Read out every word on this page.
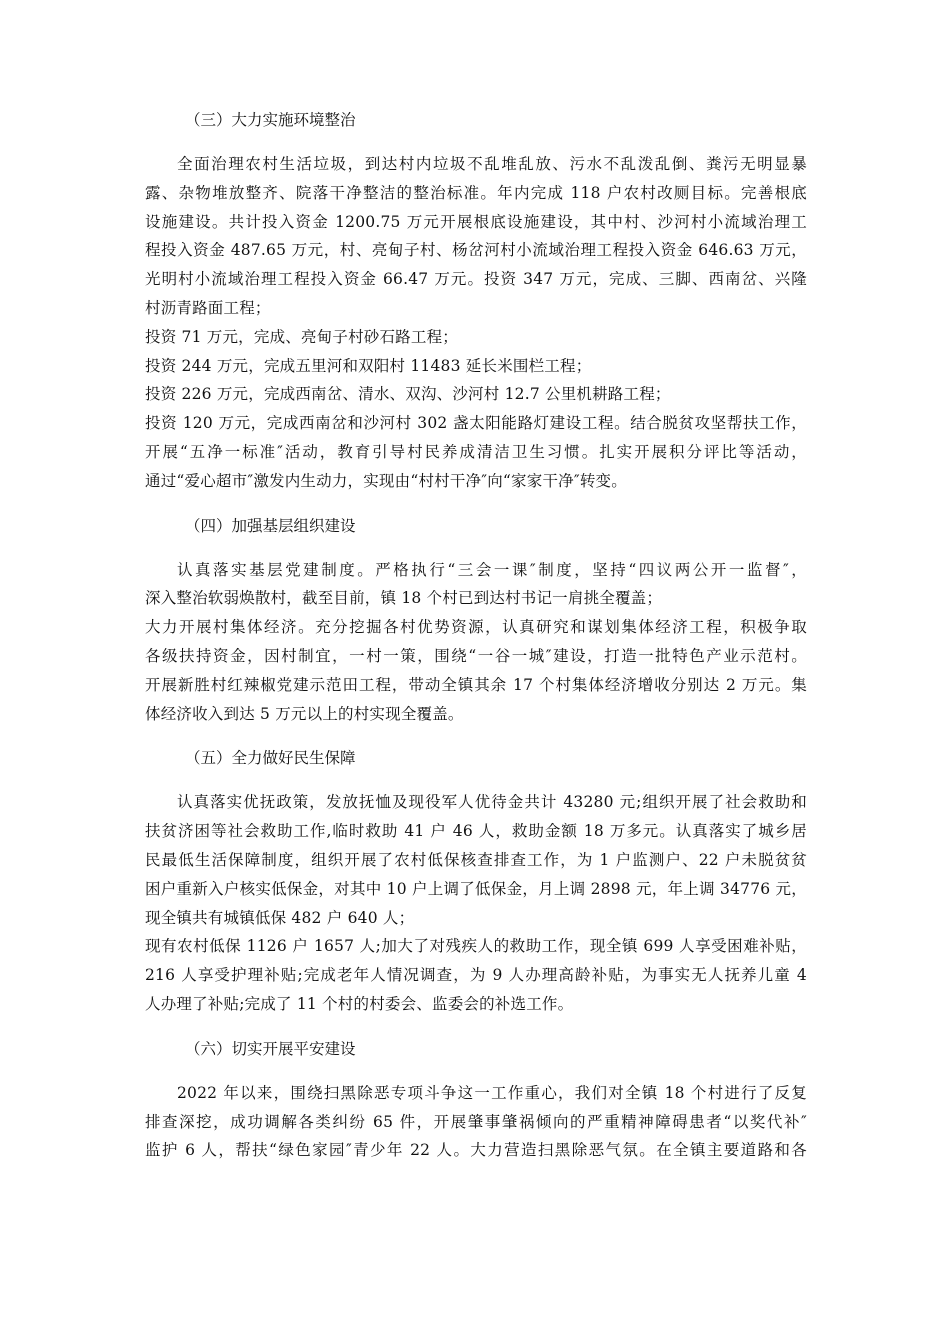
（三）大力实施环境整治

全面治理农村生活垃圾，到达村内垃圾不乱堆乱放、污水不乱泼乱倒、粪污无明显暴

露、杂物堆放整齐、院落干净整洁的整治标准。年内完成 118 户农村改厕目标。完善根底

设施建设。共计投入资金 1200.75 万元开展根底设施建设，其中村、沙河村小流域治理工

程投入资金 487.65 万元，村、亮甸子村、杨岔河村小流域治理工程投入资金 646.63 万元，

光明村小流域治理工程投入资金 66.47 万元。投资 347 万元，完成、三脚、西南岔、兴隆

村沥青路面工程；

投资 71 万元，完成、亮甸子村砂石路工程；

投资 244 万元，完成五里河和双阳村 11483 延长米围栏工程；

投资 226 万元，完成西南岔、清水、双沟、沙河村 12.7 公里机耕路工程；

投资 120 万元，完成西南岔和沙河村 302 盏太阳能路灯建设工程。结合脱贫攻坚帮扶工作，

开展“五净一标准″活动，教育引导村民养成清洁卫生习惯。扎实开展积分评比等活动，

通过“爱心超市″激发内生动力，实现由“村村干净″向“家家干净″转变。

（四）加强基层组织建设

认真落实基层党建制度。严格执行“三会一课″制度，坚持“四议两公开一监督″，

深入整治软弱焕散村，截至目前，镇 18 个村已到达村书记一肩挑全覆盖；

大力开展村集体经济。充分挖掘各村优势资源，认真研究和谋划集体经济工程，积极争取

各级扶持资金，因村制宜，一村一策，围绕“一谷一城″建设，打造一批特色产业示范村。

开展新胜村红辣椒党建示范田工程，带动全镇其余 17 个村集体经济增收分别达 2 万元。集

体经济收入到达 5 万元以上的村实现全覆盖。

（五）全力做好民生保障

认真落实优抚政策，发放抚恤及现役军人优待金共计 43280 元;组织开展了社会救助和

扶贫济困等社会救助工作,临时救助 41 户 46 人，救助金额 18 万多元。认真落实了城乡居

民最低生活保障制度，组织开展了农村低保核查排查工作，为 1 户监测户、22 户未脱贫贫

困户重新入户核实低保金，对其中 10 户上调了低保金，月上调 2898 元，年上调 34776 元，

现全镇共有城镇低保 482 户 640 人；

现有农村低保 1126 户 1657 人;加大了对残疾人的救助工作，现全镇 699 人享受困难补贴，

216 人享受护理补贴;完成老年人情况调查，为 9 人办理高龄补贴，为事实无人抚养儿童 4

人办理了补贴;完成了 11 个村的村委会、监委会的补选工作。

（六）切实开展平安建设

2022 年以来，围绕扫黑除恶专项斗争这一工作重心，我们对全镇 18 个村进行了反复

排查深挖，成功调解各类纠纷 65 件，开展肇事肇祸倾向的严重精神障碍患者“以奖代补″

监护 6 人，帮扶“绿色家园″青少年 22 人。大力营造扫黑除恶气氛。在全镇主要道路和各
